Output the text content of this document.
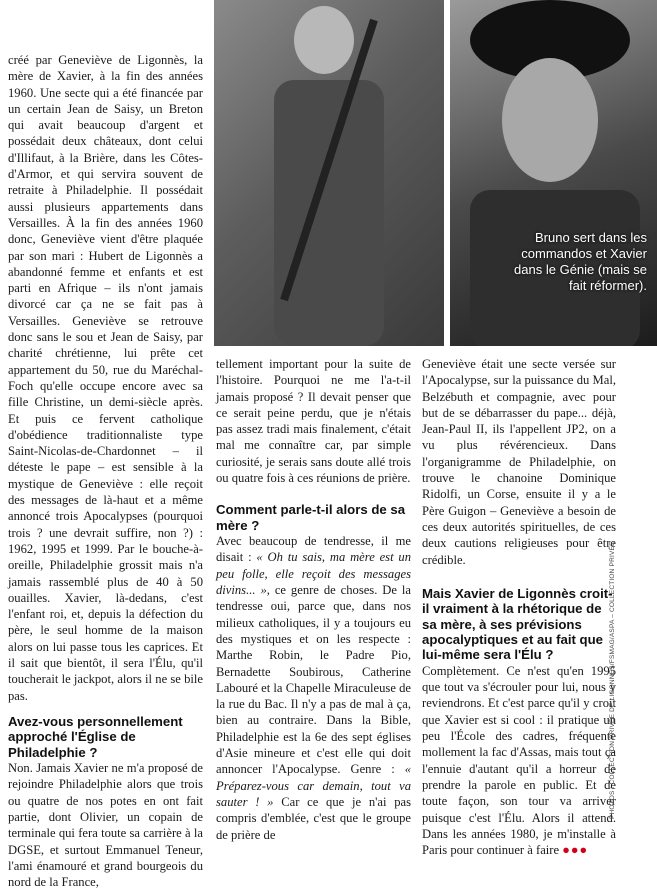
Bruno sert dans les commandos et Xavier dans le Génie (mais se fait réformer).

créé par Geneviève de Ligonnès, la mère de Xavier, à la fin des années 1960. Une secte qui a été financée par un certain Jean de Saisy, un Breton qui avait beaucoup d'argent et possédait deux châteaux, dont celui d'Illifaut, à la Brière, dans les Côtes-d'Armor, et qui servira souvent de retraite à Philadelphie. Il possédait aussi plusieurs appartements dans Versailles. À la fin des années 1960 donc, Geneviève vient d'être plaquée par son mari : Hubert de Ligonnès a abandonné femme et enfants et est parti en Afrique – ils n'ont jamais divorcé car ça ne se fait pas à Versailles. Geneviève se retrouve donc sans le sou et Jean de Saisy, par charité chrétienne, lui prête cet appartement du 50, rue du Maréchal-Foch qu'elle occupe encore avec sa fille Christine, un demi-siècle après. Et puis ce fervent catholique d'obédience traditionnaliste type Saint-Nicolas-de-Chardonnet – il déteste le pape – est sensible à la mystique de Geneviève : elle reçoit des messages de là-haut et a même annoncé trois Apocalypses (pourquoi trois ? une devrait suffire, non ?) : 1962, 1995 et 1999. Par le bouche-à-oreille, Philadelphie grossit mais n'a jamais rassemblé plus de 40 à 50 ouailles. Xavier, là-dedans, c'est l'enfant roi, et, depuis la défection du père, le seul homme de la maison alors on lui passe tous les caprices. Et il sait que bientôt, il sera l'Élu, qu'il toucherait le jackpot, alors il ne se bile pas.

Avez-vous personnellement approché l'Église de Philadelphie ?

Non. Jamais Xavier ne m'a proposé de rejoindre Philadelphie alors que trois ou quatre de nos potes en ont fait partie, dont Olivier, un copain de terminale qui fera toute sa carrière à la DGSE, et surtout Emmanuel Teneur, l'ami énamouré et grand bourgeois du nord de la France,

tellement important pour la suite de l'histoire. Pourquoi ne me l'a-t-il jamais proposé ? Il devait penser que ce serait peine perdu, que je n'étais pas assez tradi mais finalement, c'était mal me connaître car, par simple curiosité, je serais sans doute allé trois ou quatre fois à ces réunions de prière.

Comment parle-t-il alors de sa mère ?

Avec beaucoup de tendresse, il me disait : « Oh tu sais, ma mère est un peu folle, elle reçoit des messages divins... », ce genre de choses. De la tendresse oui, parce que, dans nos milieux catholiques, il y a toujours eu des mystiques et on les respecte : Marthe Robin, le Padre Pio, Bernadette Soubirous, Catherine Labouré et la Chapelle Miraculeuse de la rue du Bac. Il n'y a pas de mal à ça, bien au contraire. Dans la Bible, Philadelphie est la 6e des sept églises d'Asie mineure et c'est elle qui doit annoncer l'Apocalypse. Genre : « Préparez-vous car demain, tout va sauter ! » Car ce que je n'ai pas compris d'emblée, c'est que le groupe de prière de

Geneviève était une secte versée sur l'Apocalypse, sur la puissance du Mal, Belzébuth et compagnie, avec pour but de se débarrasser du pape... déjà, Jean-Paul II, ils l'appellent JP2, on a vu plus révérencieux. Dans l'organigramme de Philadelphie, on trouve le chanoine Dominique Ridolfi, un Corse, ensuite il y a le Père Guigon – Geneviève a besoin de ces deux autorités spirituelles, de ces deux cautions religieuses pour être crédible.

Mais Xavier de Ligonnès croit-il vraiment à la rhétorique de sa mère, à ses prévisions apocalyptiques et au fait que lui-même sera l'Élu ?

Complètement. Ce n'est qu'en 1995 que tout va s'écrouler pour lui, nous y reviendrons. Et c'est parce qu'il y croit que Xavier est si cool : il pratique un peu l'École des cadres, fréquente mollement la fac d'Assas, mais tout ça l'ennuie d'autant qu'il a horreur de prendre la parole en public. Et de toute façon, son tour va arriver puisque c'est l'Élu. Alors il attend. Dans les années 1980, je m'installe à Paris pour continuer à faire ●●●

PHOTOS : COLLECTION PRIVÉE DE LIGONNÈS/FSMAG/ASPA – COLLECTION PRIVÉE
